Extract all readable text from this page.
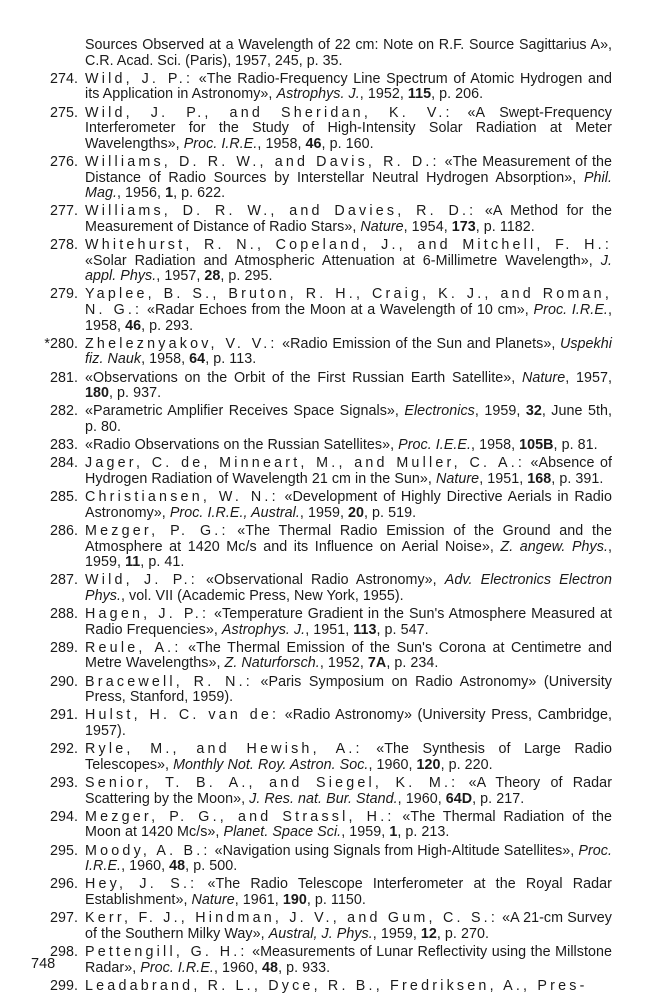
Sources Observed at a Wavelength of 22 cm: Note on R.F. Source Sagittarius A», C.R. Acad. Sci. (Paris), 1957, 245, p. 35.
274. Wild, J. P.: «The Radio-Frequency Line Spectrum of Atomic Hydrogen and its Application in Astronomy», Astrophys. J., 1952, 115, p. 206.
275. Wild, J. P., and Sheridan, K. V.: «A Swept-Frequency Interferometer for the Study of High-Intensity Solar Radiation at Meter Wavelengths», Proc. I.R.E., 1958, 46, p. 160.
276. Williams, D. R. W., and Davis, R. D.: «The Measurement of the Distance of Radio Sources by Interstellar Neutral Hydrogen Absorption», Phil. Mag., 1956, 1, p. 622.
277. Williams, D. R. W., and Davies, R. D.: «A Method for the Measurement of Distance of Radio Stars», Nature, 1954, 173, p. 1182.
278. Whitehurst, R. N., Copeland, J., and Mitchell, F. H.: «Solar Radiation and Atmospheric Attenuation at 6-Millimetre Wavelength», J. appl. Phys., 1957, 28, p. 295.
279. Yaplee, B. S., Bruton, R. H., Craig, K. J., and Roman, N. G.: «Radar Echoes from the Moon at a Wavelength of 10 cm», Proc. I.R.E., 1958, 46, p. 293.
*280. Zheleznyakov, V. V.: «Radio Emission of the Sun and Planets», Uspekhi fiz. Nauk, 1958, 64, p. 113.
281. «Observations on the Orbit of the First Russian Earth Satellite», Nature, 1957, 180, p. 937.
282. «Parametric Amplifier Receives Space Signals», Electronics, 1959, 32, June 5th, p. 80.
283. «Radio Observations on the Russian Satellites», Proc. I.E.E., 1958, 105B, p. 81.
284. Jager, C. de, Minneart, M., and Muller, C. A.: «Absence of Hydrogen Radiation of Wavelength 21 cm in the Sun», Nature, 1951, 168, p. 391.
285. Christiansen, W. N.: «Development of Highly Directive Aerials in Radio Astronomy», Proc. I.R.E., Austral., 1959, 20, p. 519.
286. Mezger, P. G.: «The Thermal Radio Emission of the Ground and the Atmosphere at 1420 Mc/s and its Influence on Aerial Noise», Z. angew. Phys., 1959, 11, p. 41.
287. Wild, J. P.: «Observational Radio Astronomy», Adv. Electronics Electron Phys., vol. VII (Academic Press, New York, 1955).
288. Hagen, J. P.: «Temperature Gradient in the Sun's Atmosphere Measured at Radio Frequencies», Astrophys. J., 1951, 113, p. 547.
289. Reule, A.: «The Thermal Emission of the Sun's Corona at Centimetre and Metre Wavelengths», Z. Naturforsch., 1952, 7A, p. 234.
290. Bracewell, R. N.: «Paris Symposium on Radio Astronomy» (University Press, Stanford, 1959).
291. Hulst, H. C. van de: «Radio Astronomy» (University Press, Cambridge, 1957).
292. Ryle, M., and Hewish, A.: «The Synthesis of Large Radio Telescopes», Monthly Not. Roy. Astron. Soc., 1960, 120, p. 220.
293. Senior, T. B. A., and Siegel, K. M.: «A Theory of Radar Scattering by the Moon», J. Res. nat. Bur. Stand., 1960, 64D, p. 217.
294. Mezger, P. G., and Strassl, H.: «The Thermal Radiation of the Moon at 1420 Mc/s», Planet. Space Sci., 1959, 1, p. 213.
295. Moody, A. B.: «Navigation using Signals from High-Altitude Satellites», Proc. I.R.E., 1960, 48, p. 500.
296. Hey, J. S.: «The Radio Telescope Interferometer at the Royal Radar Establishment», Nature, 1961, 190, p. 1150.
297. Kerr, F. J., Hindman, J. V., and Gum, C. S.: «A 21-cm Survey of the Southern Milky Way», Austral, J. Phys., 1959, 12, p. 270.
298. Pettengill, G. H.: «Measurements of Lunar Reflectivity using the Millstone Radar», Proc. I.R.E., 1960, 48, p. 933.
299. Leadabrand, R. L., Dyce, R. B., Fredriksen, A., Pres-
748
